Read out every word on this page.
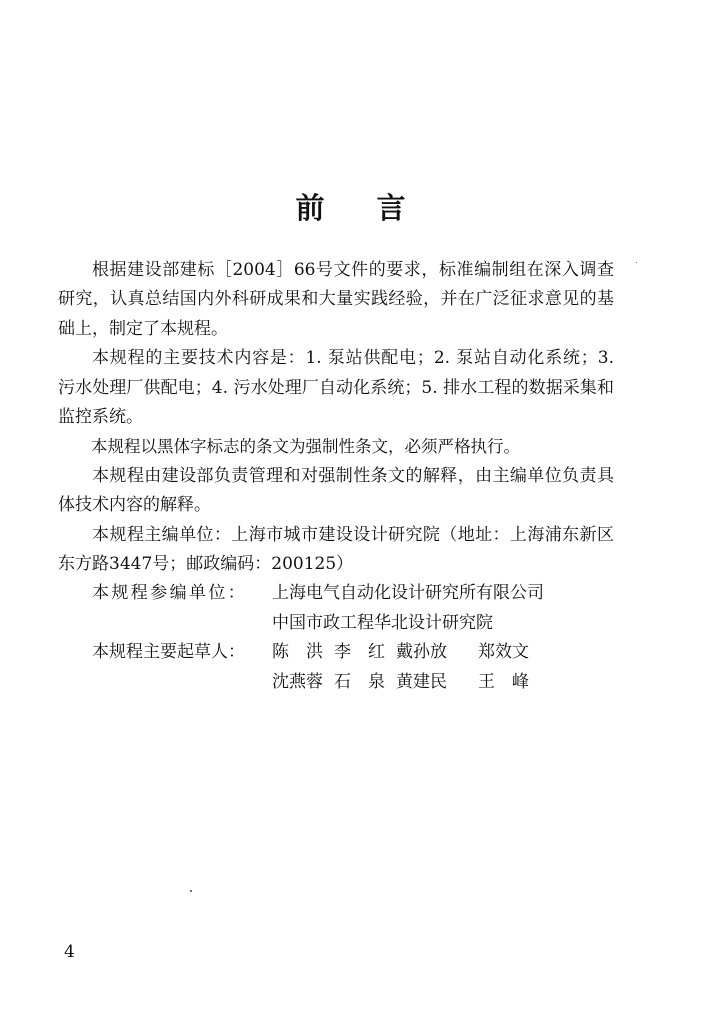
前 言

根据建设部建标［2004］66号文件的要求，标准编制组在深入调查研究，认真总结国内外科研成果和大量实践经验，并在广泛征求意见的基础上，制定了本规程。

本规程的主要技术内容是：1. 泵站供配电；2. 泵站自动化系统；3. 污水处理厂供配电；4. 污水处理厂自动化系统；5. 排水工程的数据采集和监控系统。

本规程以黑体字标志的条文为强制性条文，必须严格执行。

本规程由建设部负责管理和对强制性条文的解释，由主编单位负责具体技术内容的解释。

本规程主编单位：上海市城市建设设计研究院（地址：上海浦东新区东方路3447号；邮政编码：200125）

本规程参编单位：	上海电气自动化设计研究所有限公司
中国市政工程华北设计研究院
本规程主要起草人：	陈　洪 李　红 戴孙放	郑效文
沈燕蓉 石　泉 黄建民	王　峰
4
